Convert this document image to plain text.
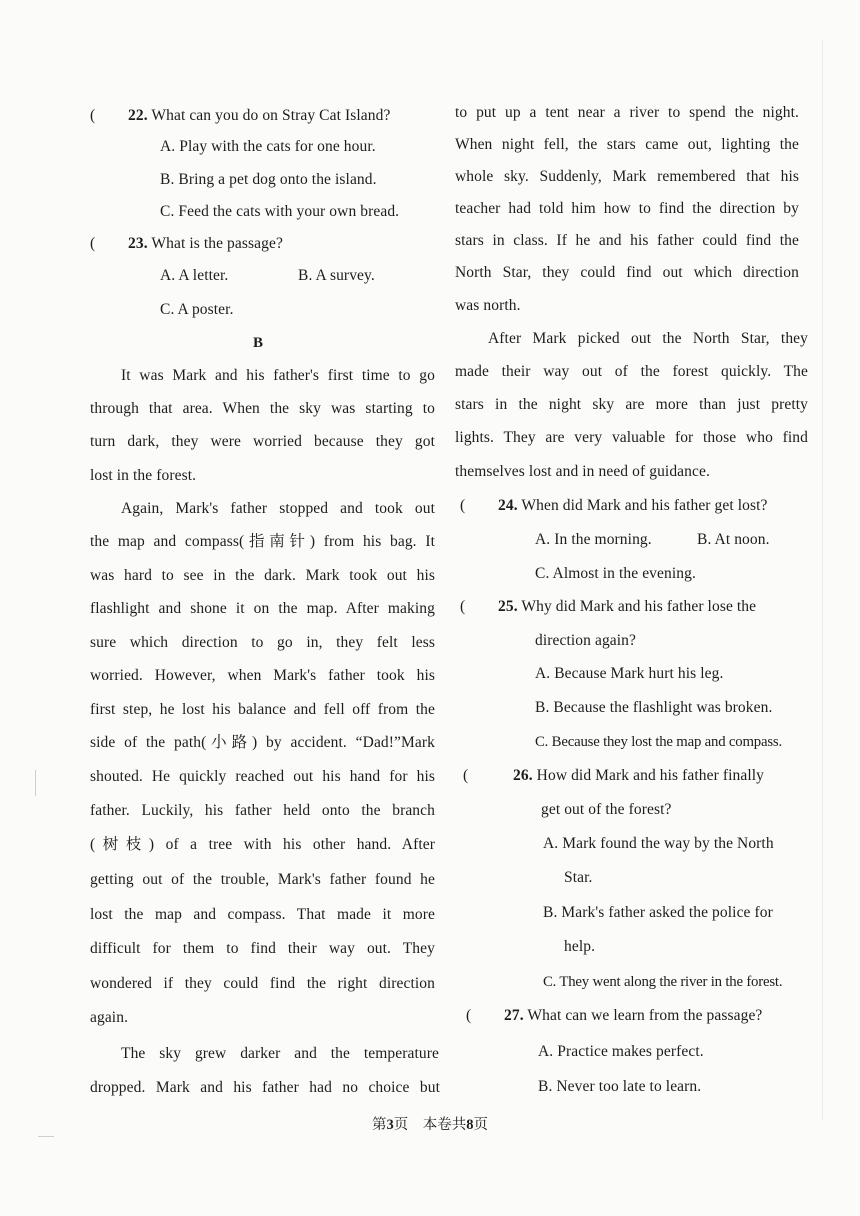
( 22. What can you do on Stray Cat Island?
A. Play with the cats for one hour.
B. Bring a pet dog onto the island.
C. Feed the cats with your own bread.
( 23. What is the passage?
A. A letter.	B. A survey.
C. A poster.
B
It was Mark and his father's first time to go
through that area. When the sky was starting to
turn dark, they were worried because they got
lost in the forest.
Again, Mark's father stopped and took out
the map and compass(指南针) from his bag. It
was hard to see in the dark. Mark took out his
flashlight and shone it on the map. After making
sure which direction to go in, they felt less
worried. However, when Mark's father took his
first step, he lost his balance and fell off from the
side of the path(小路) by accident. “Dad!”Mark
shouted. He quickly reached out his hand for his
father. Luckily, his father held onto the branch
(树枝) of a tree with his other hand. After
getting out of the trouble, Mark's father found he
lost the map and compass. That made it more
difficult for them to find their way out. They
wondered if they could find the right direction
again.
The sky grew darker and the temperature
dropped. Mark and his father had no choice but
to put up a tent near a river to spend the night.
When night fell, the stars came out, lighting the
whole sky. Suddenly, Mark remembered that his
teacher had told him how to find the direction by
stars in class. If he and his father could find the
North Star, they could find out which direction
was north.
After Mark picked out the North Star, they
made their way out of the forest quickly. The
stars in the night sky are more than just pretty
lights. They are very valuable for those who find
themselves lost and in need of guidance.
( 24. When did Mark and his father get lost?
A. In the morning.	B. At noon.
C. Almost in the evening.
( 25. Why did Mark and his father lose the
direction again?
A. Because Mark hurt his leg.
B. Because the flashlight was broken.
C. Because they lost the map and compass.
(	26. How did Mark and his father finally
get out of the forest?
A. Mark found the way by the North
Star.
B. Mark's father asked the police for
help.
C. They went along the river in the forest.
( 27. What can we learn from the passage?
A. Practice makes perfect.
B. Never too late to learn.
第3页　本卷共8页
